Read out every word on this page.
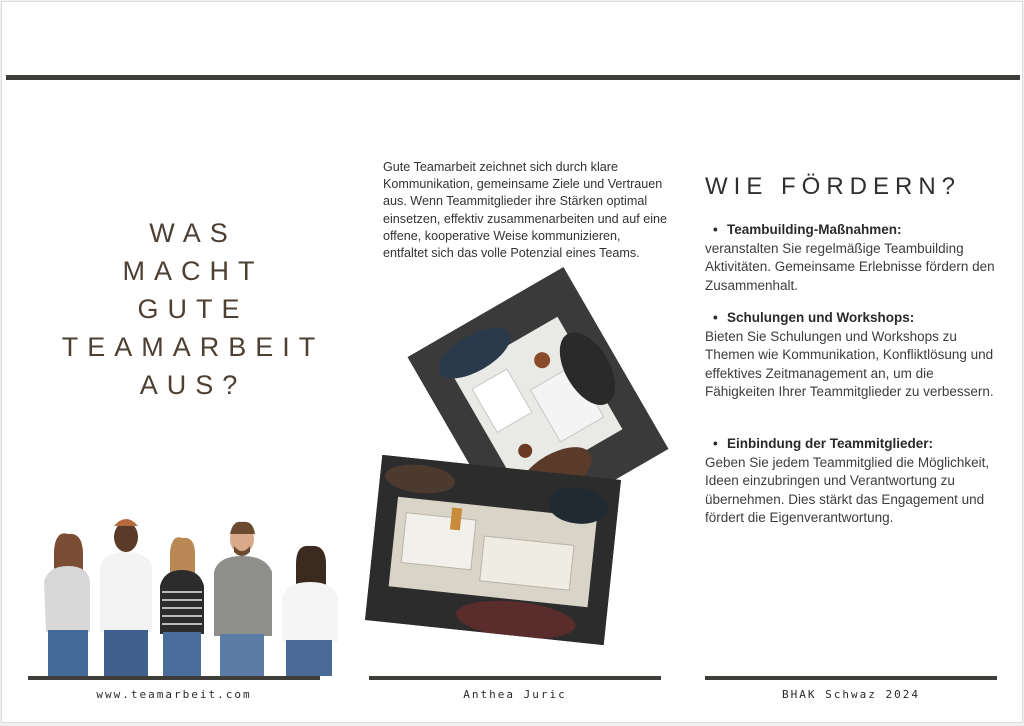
WAS
MACHT
GUTE
TEAMARBEIT
AUS?
www.teamarbeit.com
Gute Teamarbeit zeichnet sich durch klare Kommunikation, gemeinsame Ziele und Vertrauen aus. Wenn Teammitglieder ihre Stärken optimal einsetzen, effektiv zusammenarbeiten und auf eine offene, kooperative Weise kommunizieren, entfaltet sich das volle Potenzial eines Teams.
Anthea Juric
WIE FÖRDERN?
• Teambuilding-Maßnahmen:
veranstalten Sie regelmäßige Teambuilding Aktivitäten. Gemeinsame Erlebnisse fördern den Zusammenhalt.
• Schulungen und Workshops:
Bieten Sie Schulungen und Workshops zu Themen wie Kommunikation, Konfliktlösung und effektives Zeitmanagement an, um die Fähigkeiten Ihrer Teammitglieder zu verbessern.
• Einbindung der Teammitglieder:
Geben Sie jedem Teammitglied die Möglichkeit, Ideen einzubringen und Verantwortung zu übernehmen. Dies stärkt das Engagement und fördert die Eigenverantwortung.
BHAK Schwaz 2024
